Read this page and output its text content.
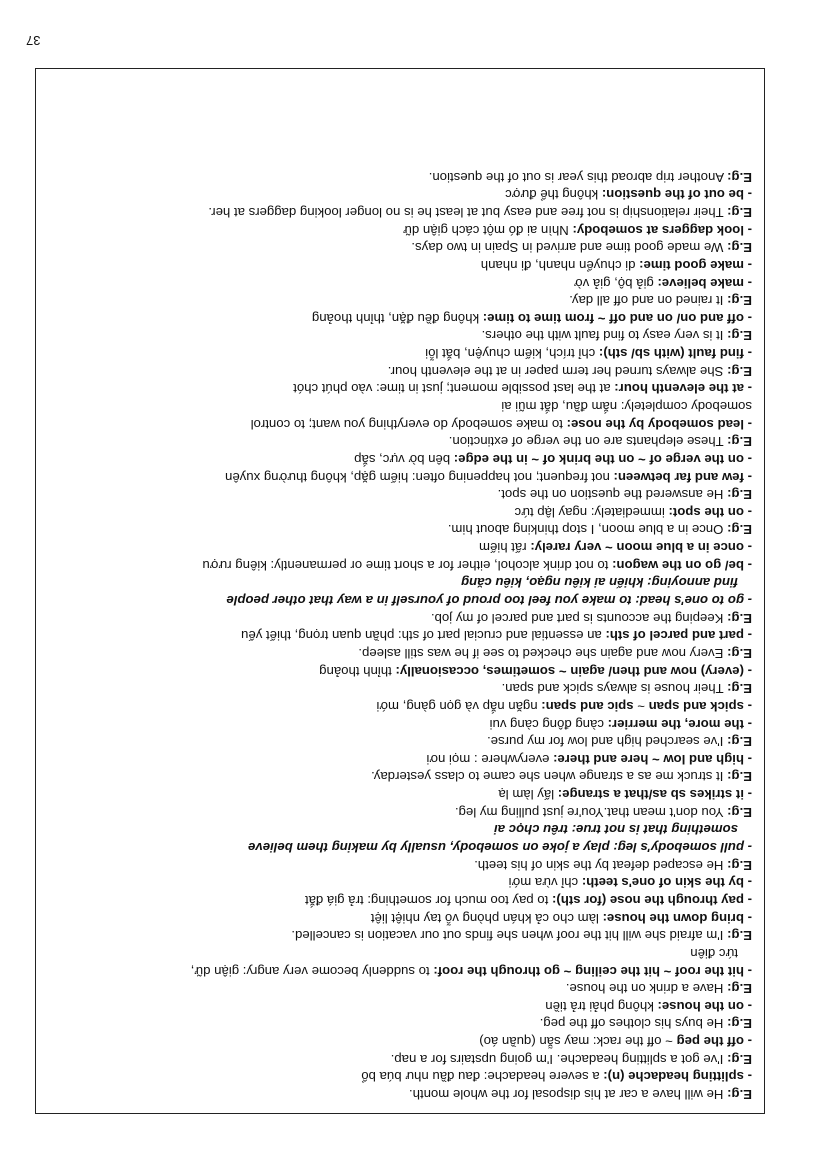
E.g: He will have a car at his disposal for the whole month.
- splitting headache (n): a severe headache: đau đầu như búa bổ
E.g: I've got a splitting headache. I'm going upstairs for a nap.
- off the peg ~ off the rack: may sẵn (quần áo)
E.g: He buys his clothes off the peg.
- on the house: không phải trả tiền
E.g: Have a drink on the house.
- hit the roof ~ hit the ceiling ~ go through the roof: to suddenly become very angry: giận dữ,
tức điên
E.g: I'm afraid she will hit the roof when she finds out our vacation is cancelled.
- bring down the house: làm cho cả khán phòng vỗ tay nhiệt liệt
- pay through the nose (for sth): to pay too much for something: trả giá đắt
- by the skin of one's teeth: chỉ vừa mới
E.g: He escaped defeat by the skin of his teeth.
- pull somebody's leg: play a joke on somebody, usually by making them believe
something that is not true: trêu chọc ai
E.g: You don't mean that.You're just pulling my leg.
- it strikes sb as/that a strange: lấy làm lạ
E.g: It struck me as a strange when she came to class yesterday.
- high and low ~ here and there: everywhere : mọi nơi
E.g: I've searched high and low for my purse.
- the more, the merrier: càng đông càng vui
- spick and span ~ spic and span: ngăn nắp và gọn gàng, mới
E.g: Their house is always spick and span.
- (every) now and then/ again ~ sometimes, occasionally: thỉnh thoảng
E.g: Every now and again she checked to see if he was still asleep.
- part and parcel of sth: an essential and crucial part of sth: phần quan trọng, thiết yếu
E.g: Keeping the accounts is part and parcel of my job.
- go to one's head: to make you feel too proud of yourself in a way that other people
find annoying: khiến ai kiêu ngạo, kiêu căng
- be/ go on the wagon: to not drink alcohol, either for a short time or permanently: kiêng rượu
- once in a blue moon ~ very rarely: rất hiếm
E.g: Once in a blue moon, I stop thinking about him.
- on the spot: immediately: ngay lập tức
E.g: He answered the question on the spot.
- few and far between: not frequent; not happening often: hiếm gặp, không thường xuyên
- on the verge of ~ on the brink of ~ in the edge: bên bờ vực, sắp
E.g: These elephants are on the verge of extinction.
- lead somebody by the nose: to make somebody do everything you want; to control
somebody completely: nắm đầu, dắt mũi ai
- at the eleventh hour: at the last possible moment; just in time: vào phút chót
E.g: She always turned her term paper in at the eleventh hour.
- find fault (with sb/ sth): chỉ trích, kiếm chuyện, bắt lỗi
E.g: It is very easy to find fault with the others.
- off and on/ on and off ~ from time to time: không đều đặn, thỉnh thoảng
E.g: It rained on and off all day.
- make believe: giả bộ, giả vờ
- make good time: di chuyển nhanh, đi nhanh
E.g: We made good time and arrived in Spain in two days.
- look daggers at somebody: Nhìn ai đó một cách giận dữ
E.g: Their relationship is not free and easy but at least he is no longer looking daggers at her.
- be out of the question: không thể được
E.g: Another trip abroad this year is out of the question.
37
